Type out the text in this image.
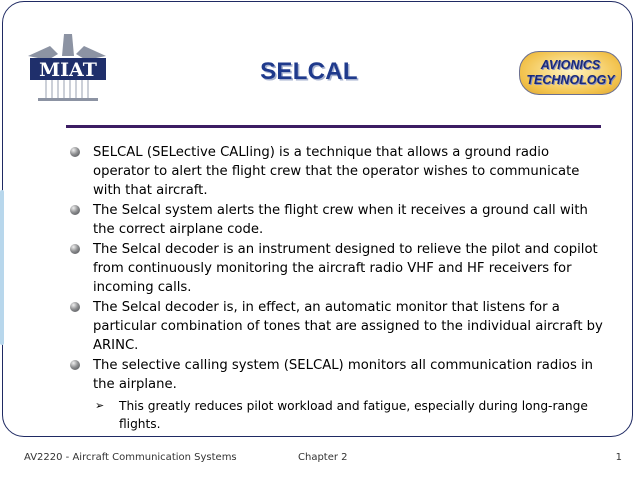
MIAT	SELCAL	AVIONICS
TECHNOLOGY
SELCAL (SELective CALling) is a technique that allows a ground radio operator to alert the flight crew that the operator wishes to communicate with that aircraft.
The Selcal system alerts the flight crew when it receives a ground call with the correct airplane code.
The Selcal decoder is an instrument designed to relieve the pilot and copilot from continuously monitoring the aircraft radio VHF and HF receivers for incoming calls.
The Selcal decoder is, in effect, an automatic monitor that listens for a particular combination of tones that are assigned to the individual aircraft by ARINC.
The selective calling system (SELCAL) monitors all communication radios in the airplane.
➢ This greatly reduces pilot workload and fatigue, especially during long-range flights.
AV2220 - Aircraft Communication Systems	Chapter 2	1
